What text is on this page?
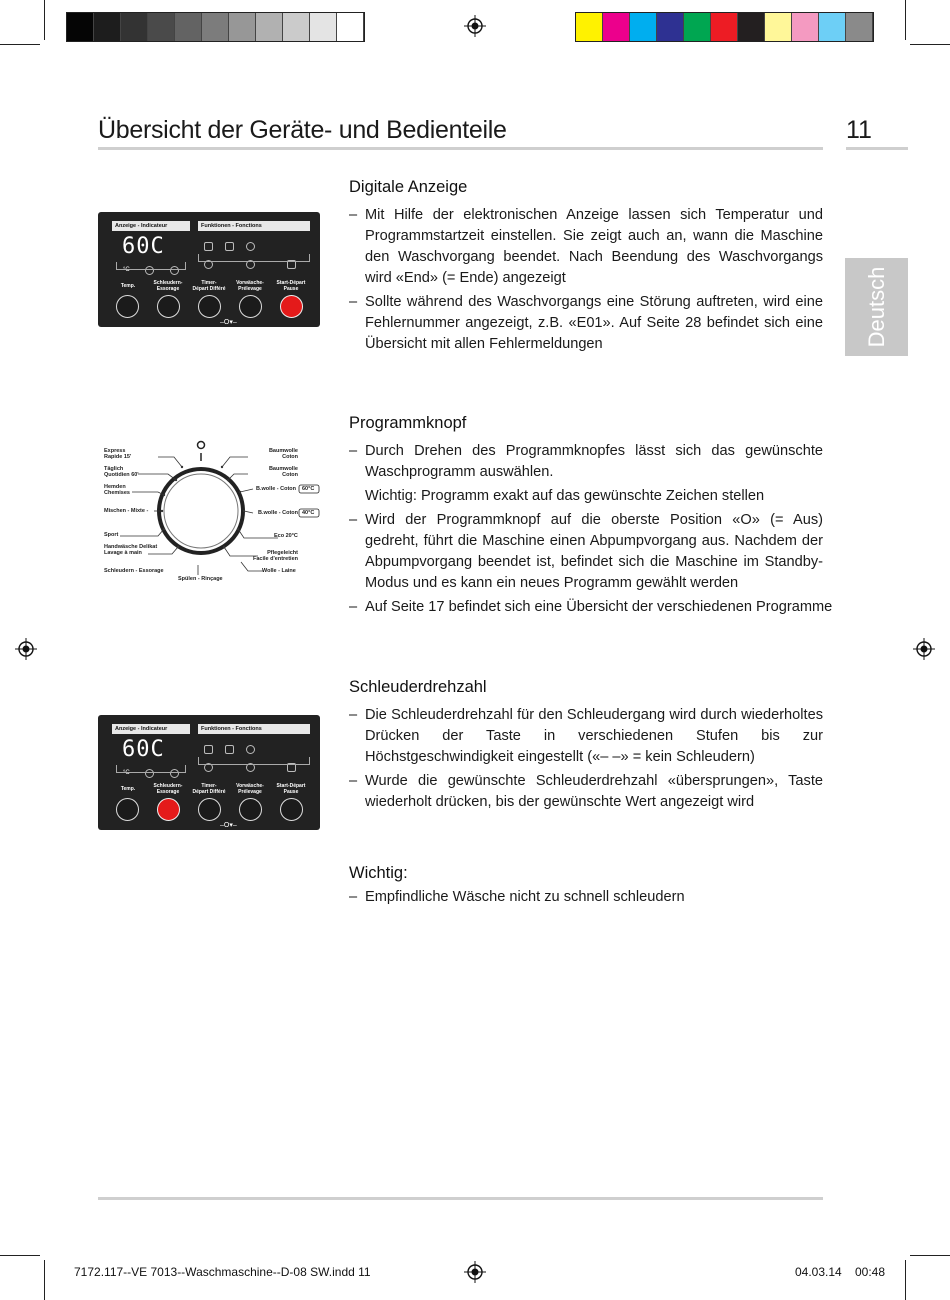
Übersicht der Geräte- und Bedienteile	11
Deutsch
Anzeige - Indicateur	Funktionen - Fonctions
60C
°C
Temp.	Schleudern-
Essorage
Timer-
Départ Différé
Vorwäsche-
Prélevage
Start-Départ
Pause
–O▾–
Digitale Anzeige
– Mit Hilfe der elektronischen Anzeige lassen sich Temperatur und Programmstartzeit einstellen. Sie zeigt auch an, wann die Maschine den Waschvorgang beendet. Nach Beendung des Waschvorgangs wird «End» (= Ende) angezeigt
– Sollte während des Waschvorgangs eine Störung auftreten, wird eine Fehlernummer angezeigt, z.B. «E01». Auf Seite 28 befindet sich eine Übersicht mit allen Fehlermeldungen
Express
Rapide 15'
Täglich
Quotidien 60'
Hemden
Chemises
Mischen - Mixte -
Sport
Handwäsche Delikat
Lavage à main
Schleudern - Essorage
Spülen - Rinçage
Baumwolle
Coton
Baumwolle
Coton
B.wolle - Coton 60°C
B.wolle - Coton 40°C
Eco 20°C
Pflegeleicht
Facile d'entretien
Wolle - Laine
Programmknopf
– Durch Drehen des Programmknopfes lässt sich das gewünschte Waschprogramm auswählen.
Wichtig: Programm exakt auf das gewünschte Zeichen stellen
– Wird der Programmknopf auf die oberste Position «O» (= Aus) gedreht, führt die Maschine einen Abpumpvorgang aus. Nachdem der Abpumpvorgang beendet ist, befindet sich die Maschine im Standby-Modus und es kann ein neues Programm gewählt werden
– Auf Seite 17 befindet sich eine Übersicht der verschiedenen Programme
Anzeige - Indicateur	Funktionen - Fonctions
60C
°C
Temp.	Schleudern-
Essorage
Timer-
Départ Différé
Vorwäsche-
Prélevage
Start-Départ
Pause
–O▾–
Schleuderdrehzahl
– Die Schleuderdrehzahl für den Schleudergang wird durch wiederholtes Drücken der Taste in verschiedenen Stufen bis zur Höchstgeschwindigkeit eingestellt («– –» = kein Schleudern)
– Wurde die gewünschte Schleuderdrehzahl «übersprungen», Taste wiederholt drücken, bis der gewünschte Wert angezeigt wird
Wichtig:
– Empfindliche Wäsche nicht zu schnell schleudern
7172.117--VE 7013--Waschmaschine--D-08 SW.indd 11	04.03.14 00:48
